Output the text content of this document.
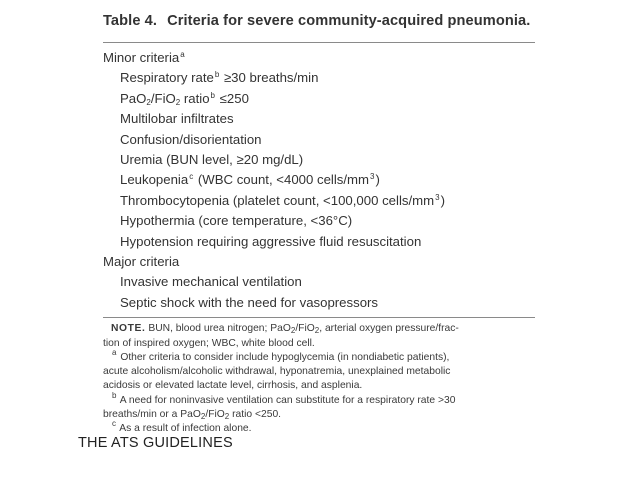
Table 4. Criteria for severe community-acquired pneumonia.
Minor criteria$^a$
Respiratory rate$^b$ ≥30 breaths/min
PaO$_2$/FiO$_2$ ratio$^b$ ≤250
Multilobar infiltrates
Confusion/disorientation
Uremia (BUN level, ≥20 mg/dL)
Leukopenia$^c$ (WBC count, <4000 cells/$mm^3$)
Thrombocytopenia (platelet count, <100,000 cells/$mm^3$)
Hypothermia (core temperature, <36°C)
Hypotension requiring aggressive fluid resuscitation
Major criteria
Invasive mechanical ventilation
Septic shock with the need for vasopressors

NOTE. BUN, blood urea nitrogen; PaO$_2$/FiO$_2$, arterial oxygen pressure/frac-

tion of inspired oxygen; WBC, white blood cell.

$^a$ Other criteria to consider include hypoglycemia (in nondiabetic patients),

acute alcoholism/alcoholic withdrawal, hyponatremia, unexplained metabolic

acidosis or elevated lactate level, cirrhosis, and asplenia.

$^b$ A need for noninvasive ventilation can substitute for a respiratory rate >30

breaths/min or a PaO$_2$/FiO$_2$ ratio <250.

$^c$ As a result of infection alone.

THE ATS GUIDELINES
